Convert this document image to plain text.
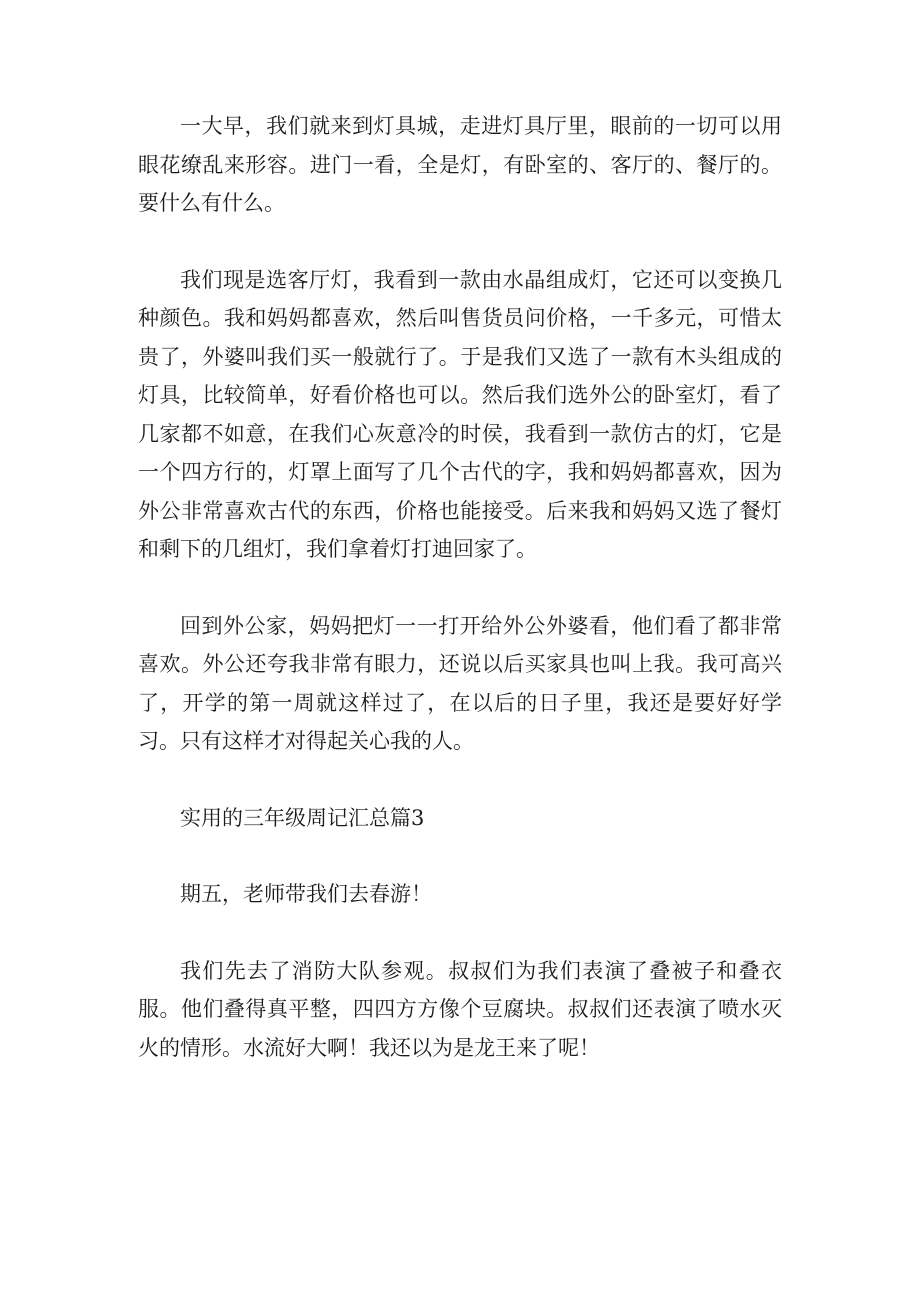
一大早，我们就来到灯具城，走进灯具厅里，眼前的一切可以用眼花缭乱来形容。进门一看，全是灯，有卧室的、客厅的、餐厅的。要什么有什么。

我们现是选客厅灯，我看到一款由水晶组成灯，它还可以变换几种颜色。我和妈妈都喜欢，然后叫售货员问价格，一千多元，可惜太贵了，外婆叫我们买一般就行了。于是我们又选了一款有木头组成的灯具，比较简单，好看价格也可以。然后我们选外公的卧室灯，看了几家都不如意，在我们心灰意冷的时侯，我看到一款仿古的灯，它是一个四方行的，灯罩上面写了几个古代的字，我和妈妈都喜欢，因为外公非常喜欢古代的东西，价格也能接受。后来我和妈妈又选了餐灯和剩下的几组灯，我们拿着灯打迪回家了。

回到外公家，妈妈把灯一一打开给外公外婆看，他们看了都非常喜欢。外公还夸我非常有眼力，还说以后买家具也叫上我。我可高兴了，开学的第一周就这样过了，在以后的日子里，我还是要好好学习。只有这样才对得起关心我的人。

实用的三年级周记汇总篇3

期五，老师带我们去春游！

我们先去了消防大队参观。叔叔们为我们表演了叠被子和叠衣服。他们叠得真平整，四四方方像个豆腐块。叔叔们还表演了喷水灭火的情形。水流好大啊！我还以为是龙王来了呢！
